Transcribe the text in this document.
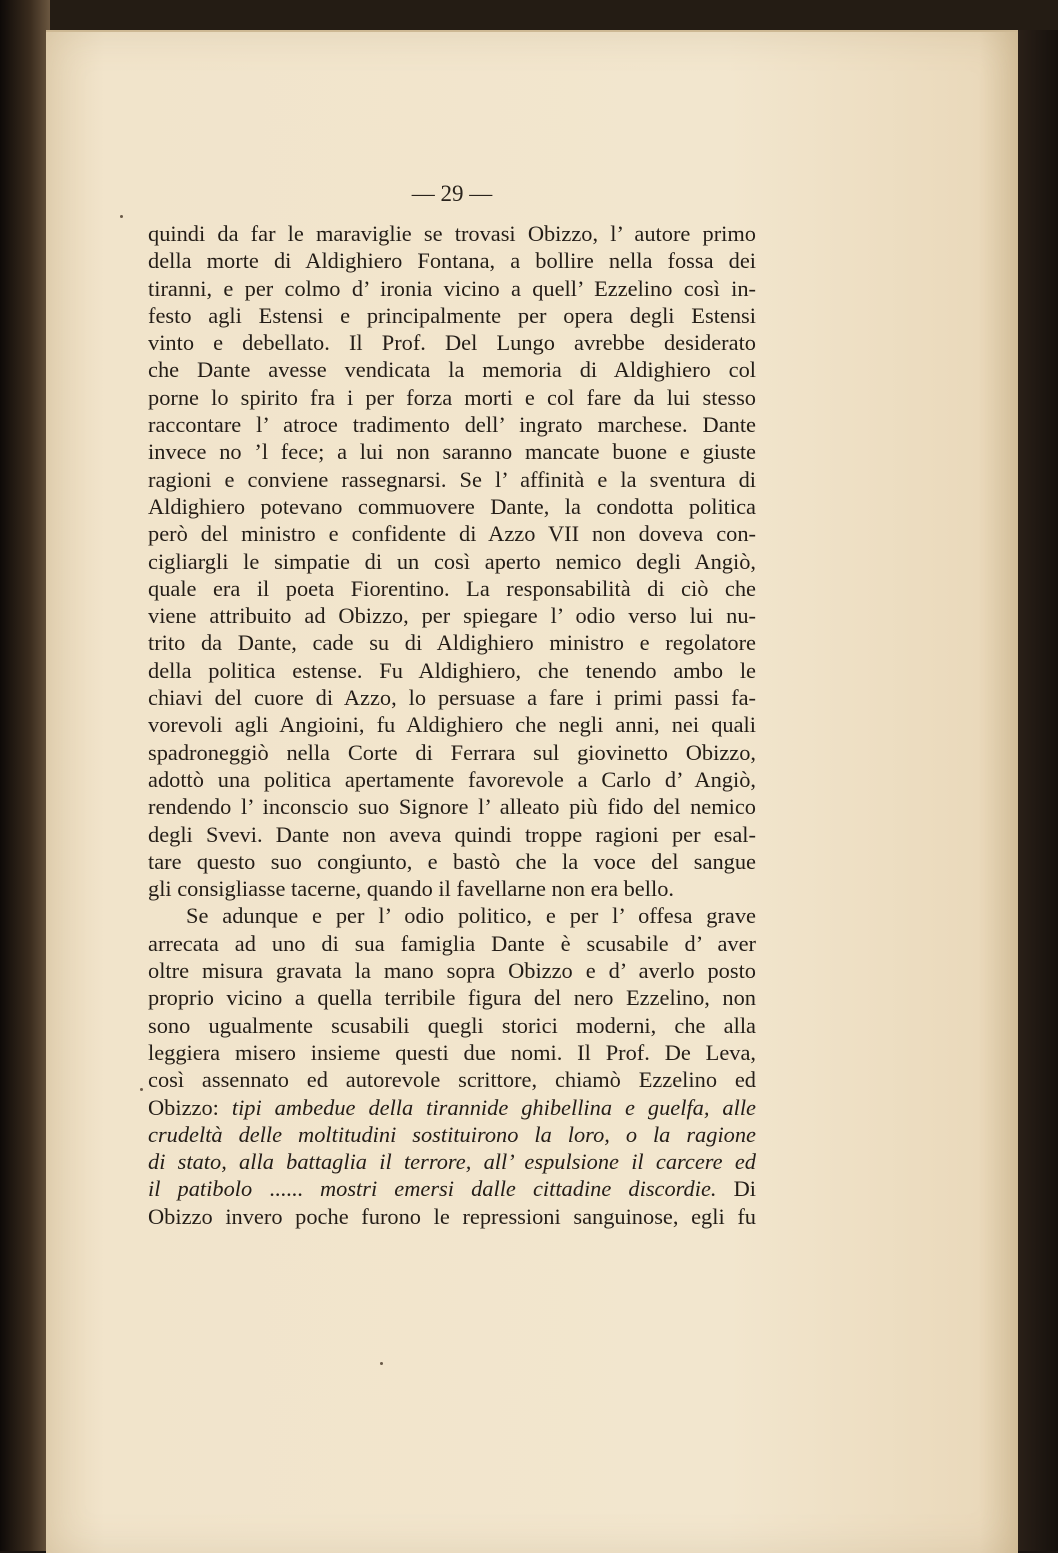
— 29 —
quindi da far le maraviglie se trovasi Obizzo, l’ autore primo
della morte di Aldighiero Fontana, a bollire nella fossa dei
tiranni, e per colmo d’ ironia vicino a quell’ Ezzelino così in-
festo agli Estensi e principalmente per opera degli Estensi
vinto e debellato. Il Prof. Del Lungo avrebbe desiderato
che Dante avesse vendicata la memoria di Aldighiero col
porne lo spirito fra i per forza morti e col fare da lui stesso
raccontare l’ atroce tradimento dell’ ingrato marchese. Dante
invece no ’l fece; a lui non saranno mancate buone e giuste
ragioni e conviene rassegnarsi. Se l’ affinità e la sventura di
Aldighiero potevano commuovere Dante, la condotta politica
però del ministro e confidente di Azzo VII non doveva con-
cigliargli le simpatie di un così aperto nemico degli Angiò,
quale era il poeta Fiorentino. La responsabilità di ciò che
viene attribuito ad Obizzo, per spiegare l’ odio verso lui nu-
trito da Dante, cade su di Aldighiero ministro e regolatore
della politica estense. Fu Aldighiero, che tenendo ambo le
chiavi del cuore di Azzo, lo persuase a fare i primi passi fa-
vorevoli agli Angioini, fu Aldighiero che negli anni, nei quali
spadroneggiò nella Corte di Ferrara sul giovinetto Obizzo,
adottò una politica apertamente favorevole a Carlo d’ Angiò,
rendendo l’ inconscio suo Signore l’ alleato più fido del nemico
degli Svevi. Dante non aveva quindi troppe ragioni per esal-
tare questo suo congiunto, e bastò che la voce del sangue
gli consigliasse tacerne, quando il favellarne non era bello.
Se adunque e per l’ odio politico, e per l’ offesa grave
arrecata ad uno di sua famiglia Dante è scusabile d’ aver
oltre misura gravata la mano sopra Obizzo e d’ averlo posto
proprio vicino a quella terribile figura del nero Ezzelino, non
sono ugualmente scusabili quegli storici moderni, che alla
leggiera misero insieme questi due nomi. Il Prof. De Leva,
così assennato ed autorevole scrittore, chiamò Ezzelino ed
Obizzo: tipi ambedue della tirannide ghibellina e guelfa, alle
crudeltà delle moltitudini sostituirono la loro, o la ragione
di stato, alla battaglia il terrore, all’ espulsione il carcere ed
il patibolo ...... mostri emersi dalle cittadine discordie. Di
Obizzo invero poche furono le repressioni sanguinose, egli fu
